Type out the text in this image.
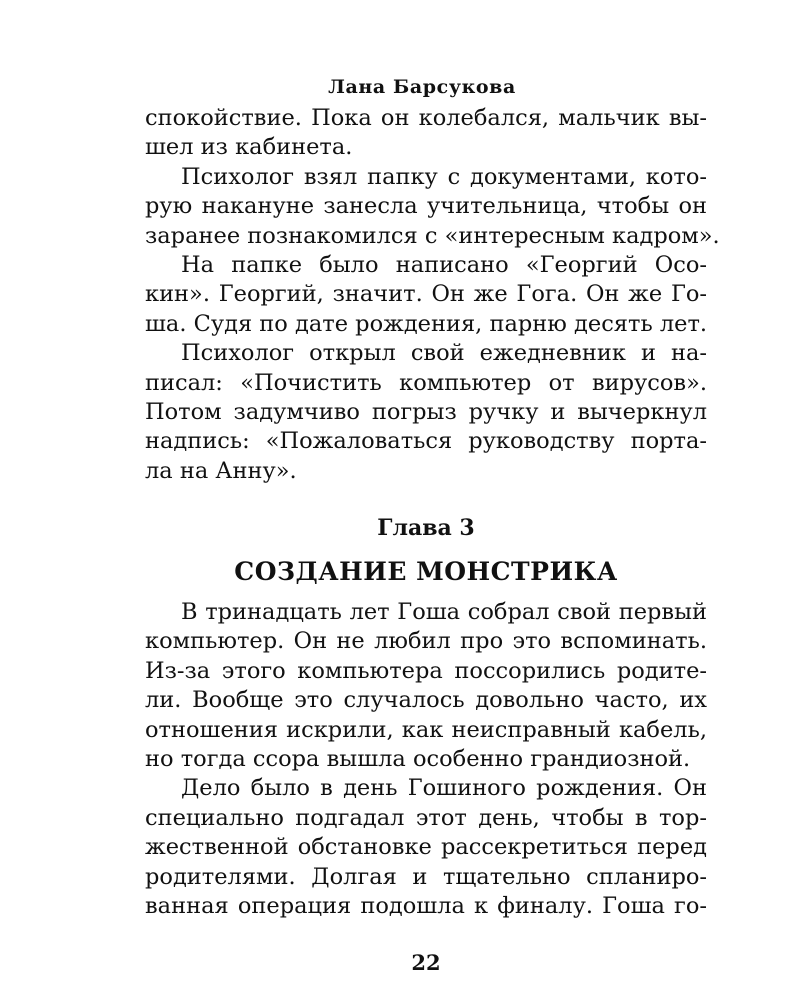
Лана Барсукова
спокойствие. Пока он колебался, мальчик вы-
шел из кабинета.
Психолог взял папку с документами, кото-
рую накануне занесла учительница, чтобы он
заранее познакомился с «интересным кадром».
На папке было написано «Георгий Осо-
кин». Георгий, значит. Он же Гога. Он же Го-
ша. Судя по дате рождения, парню десять лет.
Психолог открыл свой ежедневник и на-
писал: «Почистить компьютер от вирусов».
Потом задумчиво погрыз ручку и вычеркнул
надпись: «Пожаловаться руководству порта-
ла на Анну».
Глава 3
СОЗДАНИЕ МОНСТРИКА
В тринадцать лет Гоша собрал свой первый
компьютер. Он не любил про это вспоминать.
Из-за этого компьютера поссорились родите-
ли. Вообще это случалось довольно часто, их
отношения искрили, как неисправный кабель,
но тогда ссора вышла особенно грандиозной.
Дело было в день Гошиного рождения. Он
специально подгадал этот день, чтобы в тор-
жественной обстановке рассекретиться перед
родителями. Долгая и тщательно спланиро-
ванная операция подошла к финалу. Гоша го-
22
